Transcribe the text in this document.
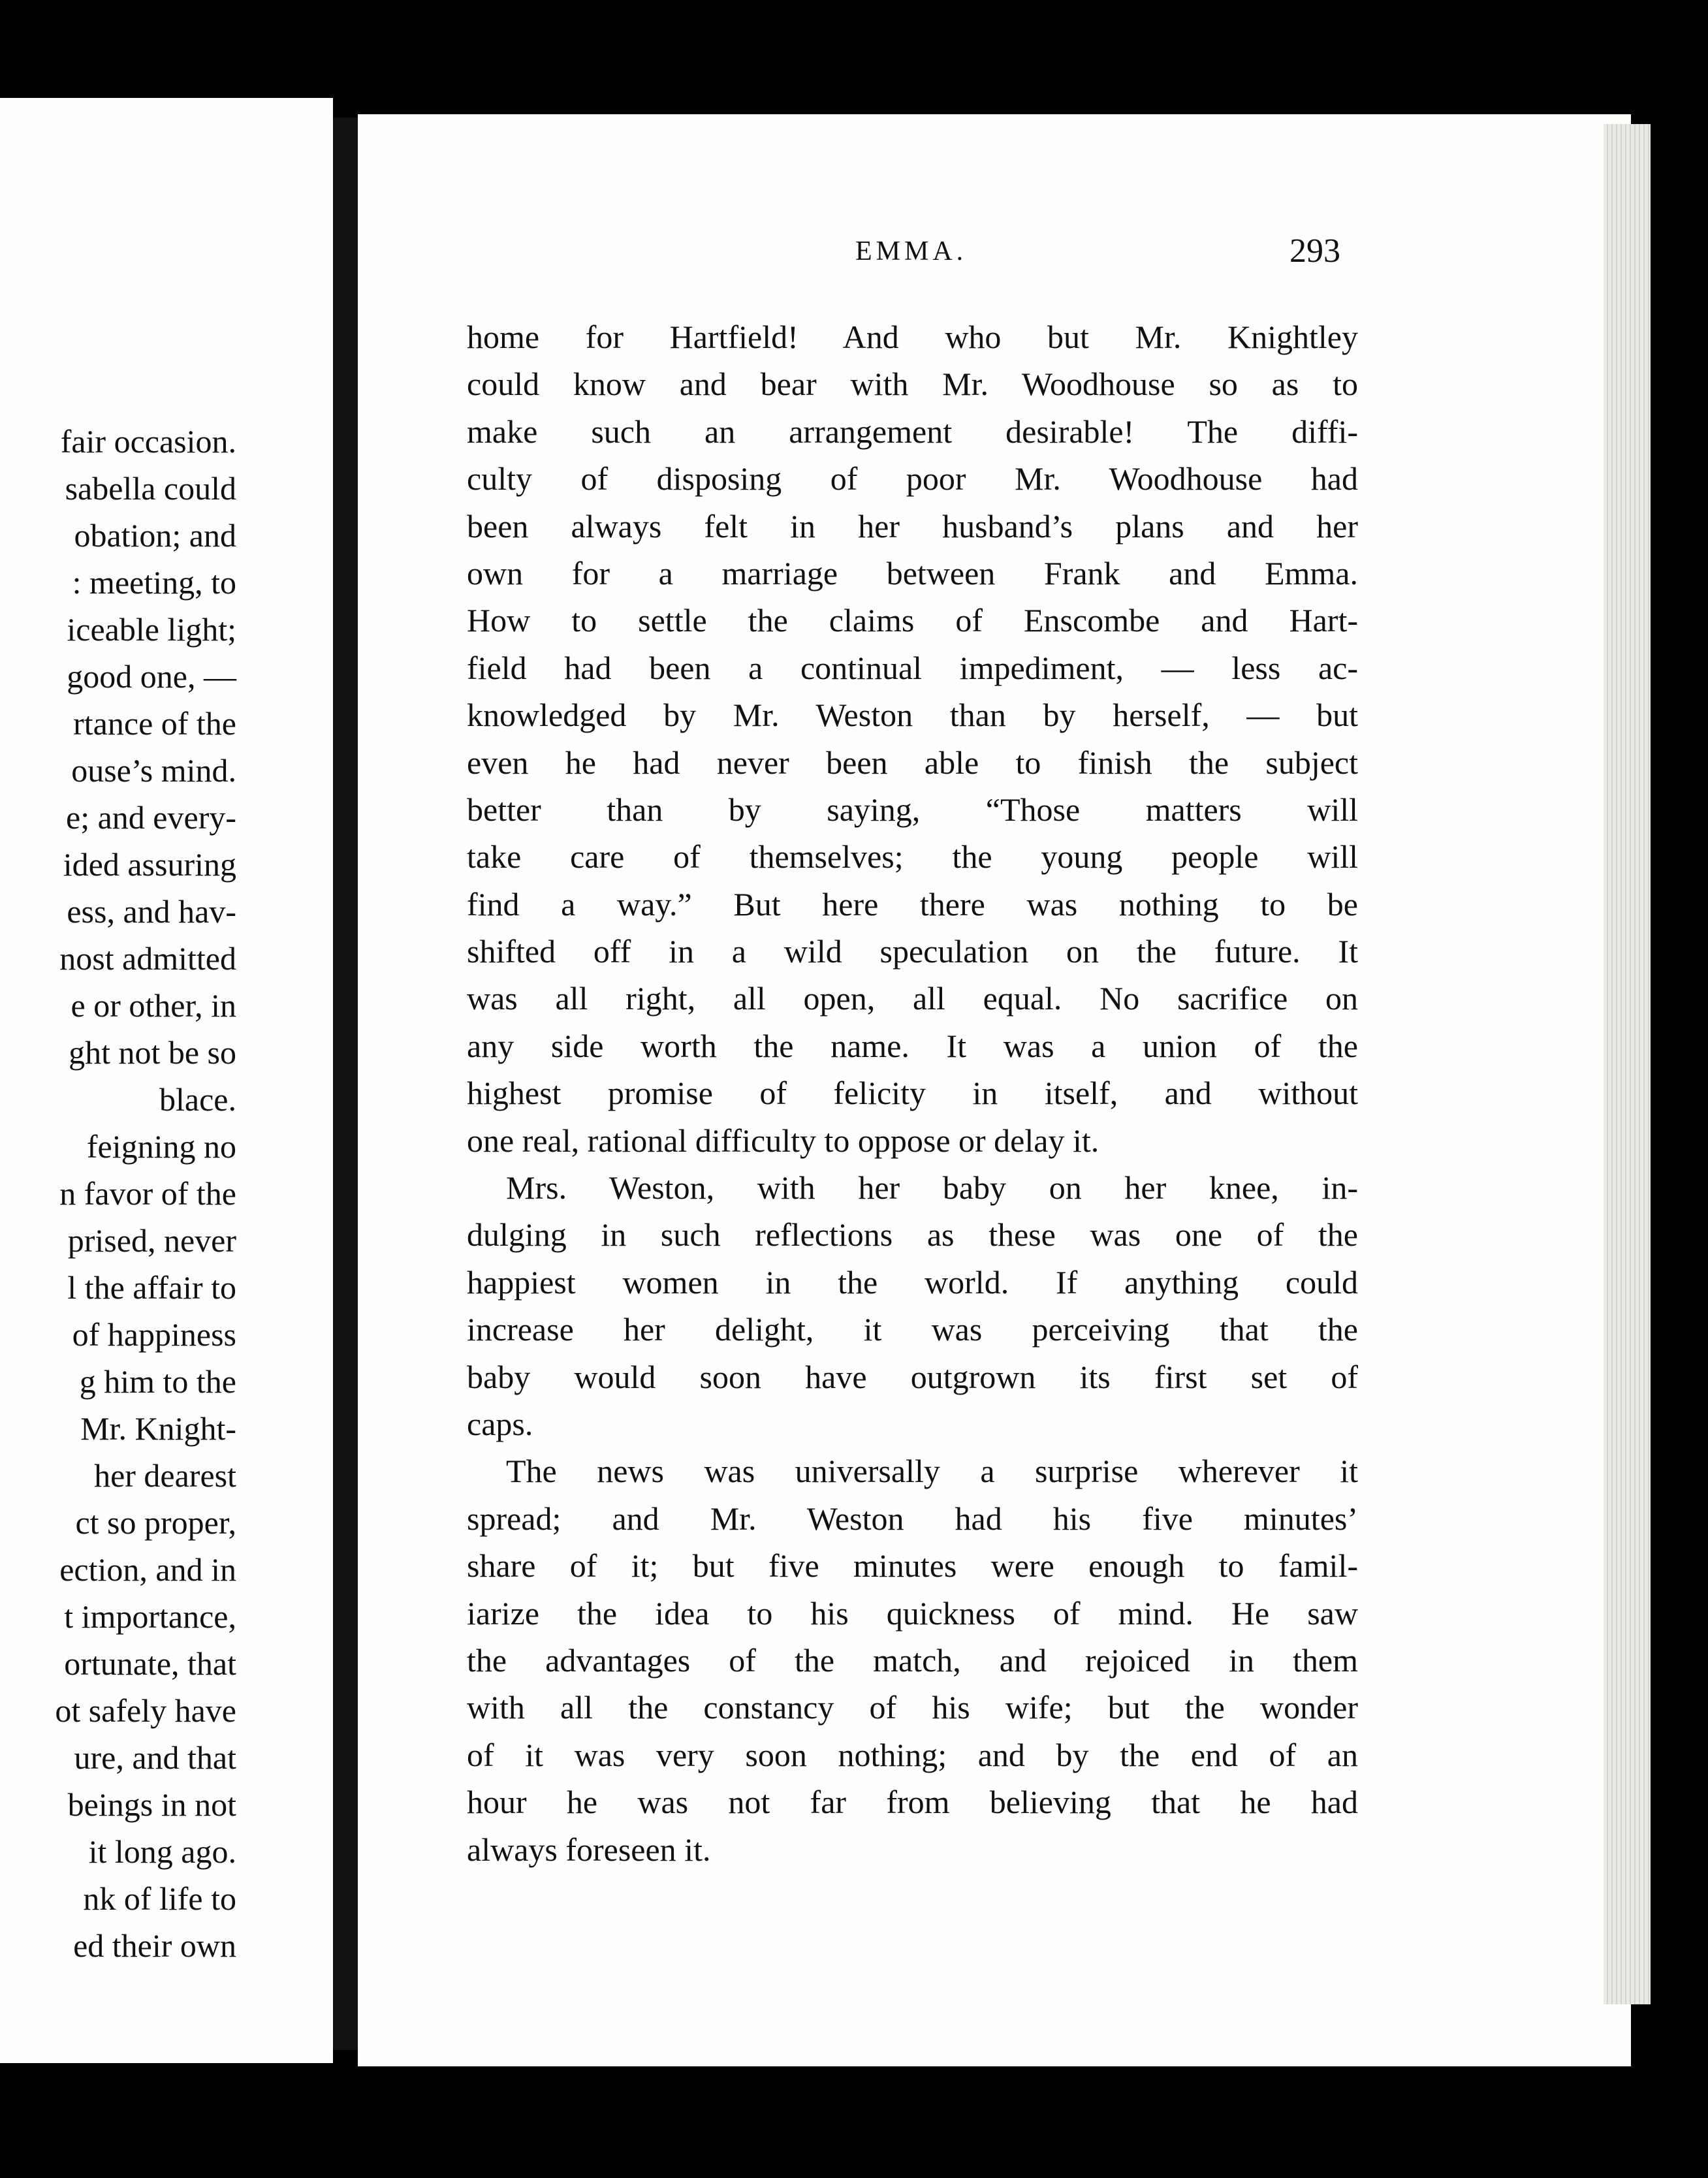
fair occasion.
sabella could
obation; and
: meeting, to
iceable light;
good one, —
rtance of the
ouse’s mind.
e; and every-
ided assuring
ess, and hav-
nost admitted
e or other, in
ght not be so
blace.
feigning no
n favor of the
prised, never
l the affair to
of happiness
g him to the
Mr. Knight-
her dearest
ct so proper,
ection, and in
t importance,
ortunate, that
ot safely have
ure, and that
beings in not
it long ago.
nk of life to
ed their own
EMMA.	293
home for Hartfield! And who but Mr. Knightley
could know and bear with Mr. Woodhouse so as to
make such an arrangement desirable! The diffi-
culty of disposing of poor Mr. Woodhouse had
been always felt in her husband’s plans and her
own for a marriage between Frank and Emma.
How to settle the claims of Enscombe and Hart-
field had been a continual impediment, — less ac-
knowledged by Mr. Weston than by herself, — but
even he had never been able to finish the subject
better than by saying, “Those matters will
take care of themselves; the young people will
find a way.” But here there was nothing to be
shifted off in a wild speculation on the future. It
was all right, all open, all equal. No sacrifice on
any side worth the name. It was a union of the
highest promise of felicity in itself, and without
one real, rational difficulty to oppose or delay it.
Mrs. Weston, with her baby on her knee, in-
dulging in such reflections as these was one of the
happiest women in the world. If anything could
increase her delight, it was perceiving that the
baby would soon have outgrown its first set of
caps.
The news was universally a surprise wherever it
spread; and Mr. Weston had his five minutes’
share of it; but five minutes were enough to famil-
iarize the idea to his quickness of mind. He saw
the advantages of the match, and rejoiced in them
with all the constancy of his wife; but the wonder
of it was very soon nothing; and by the end of an
hour he was not far from believing that he had
always foreseen it.
